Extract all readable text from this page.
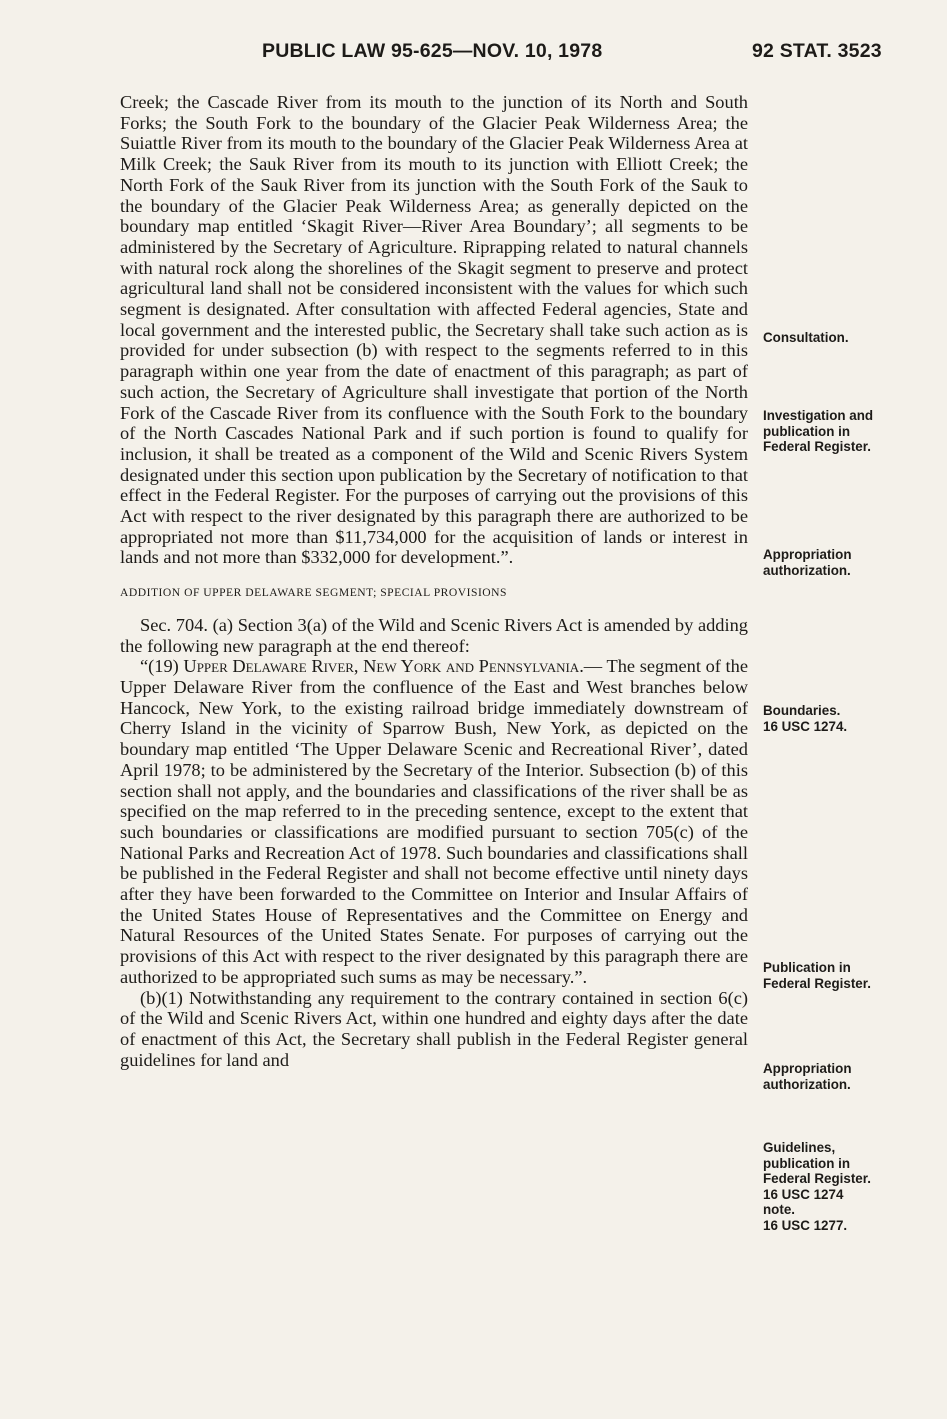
PUBLIC LAW 95-625—NOV. 10, 1978	92 STAT. 3523

Creek; the Cascade River from its mouth to the junction of its North and South Forks; the South Fork to the boundary of the Glacier Peak Wilderness Area; the Suiattle River from its mouth to the boundary of the Glacier Peak Wilderness Area at Milk Creek; the Sauk River from its mouth to its junction with Elliott Creek; the North Fork of the Sauk River from its junction with the South Fork of the Sauk to the boundary of the Glacier Peak Wilderness Area; as generally depicted on the boundary map entitled ‘Skagit River—River Area Boundary’; all segments to be administered by the Secretary of Agriculture. Riprapping related to natural channels with natural rock along the shorelines of the Skagit segment to preserve and protect agricultural land shall not be considered inconsistent with the values for which such segment is designated. After consultation with affected Federal agencies, State and local government and the interested public, the Secretary shall take such action as is provided for under subsection (b) with respect to the segments referred to in this paragraph within one year from the date of enactment of this paragraph; as part of such action, the Secretary of Agriculture shall investigate that portion of the North Fork of the Cascade River from its confluence with the South Fork to the boundary of the North Cascades National Park and if such portion is found to qualify for inclusion, it shall be treated as a component of the Wild and Scenic Rivers System designated under this section upon publication by the Secretary of notification to that effect in the Federal Register. For the purposes of carrying out the provisions of this Act with respect to the river designated by this paragraph there are authorized to be appropriated not more than $11,734,000 for the acquisition of lands or interest in lands and not more than $332,000 for development.”.

ADDITION OF UPPER DELAWARE SEGMENT; SPECIAL PROVISIONS

Sec. 704. (a) Section 3(a) of the Wild and Scenic Rivers Act is amended by adding the following new paragraph at the end thereof:

“(19) Upper Delaware River, New York and Pennsylvania.— The segment of the Upper Delaware River from the confluence of the East and West branches below Hancock, New York, to the existing railroad bridge immediately downstream of Cherry Island in the vicinity of Sparrow Bush, New York, as depicted on the boundary map entitled ‘The Upper Delaware Scenic and Recreational River’, dated April 1978; to be administered by the Secretary of the Interior. Subsection (b) of this section shall not apply, and the boundaries and classifications of the river shall be as specified on the map referred to in the preceding sentence, except to the extent that such boundaries or classifications are modified pursuant to section 705(c) of the National Parks and Recreation Act of 1978. Such boundaries and classifications shall be published in the Federal Register and shall not become effective until ninety days after they have been forwarded to the Committee on Interior and Insular Affairs of the United States House of Representatives and the Committee on Energy and Natural Resources of the United States Senate. For purposes of carrying out the provisions of this Act with respect to the river designated by this paragraph there are authorized to be appropriated such sums as may be necessary.”.

(b)(1) Notwithstanding any requirement to the contrary contained in section 6(c) of the Wild and Scenic Rivers Act, within one hundred and eighty days after the date of enactment of this Act, the Secretary shall publish in the Federal Register general guidelines for land and

Consultation.
Investigation and
publication in
Federal Register.
Appropriation
authorization.
Boundaries.
16 USC 1274.
Publication in
Federal Register.
Appropriation
authorization.
Guidelines,
publication in
Federal Register.
16 USC 1274
note.
16 USC 1277.
